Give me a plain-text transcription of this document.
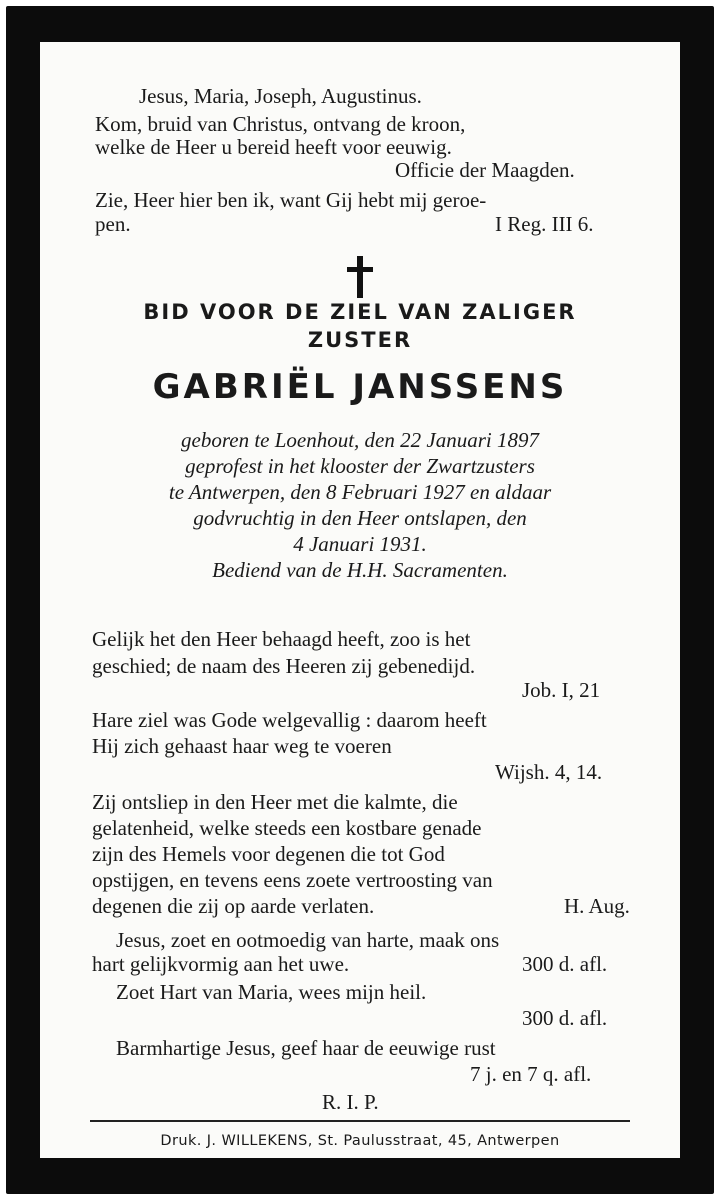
Jesus, Maria, Joseph, Augustinus.
Kom, bruid van Christus, ontvang de kroon,
welke de Heer u bereid heeft voor eeuwig.
Officie der Maagden.
Zie, Heer hier ben ik, want Gij hebt mij geroe-
pen.	I Reg. III 6.
BID VOOR DE ZIEL VAN ZALIGER
ZUSTER
GABRIËL JANSSENS
geboren te Loenhout, den 22 Januari 1897
geprofest in het klooster der Zwartzusters
te Antwerpen, den 8 Februari 1927 en aldaar
godvruchtig in den Heer ontslapen, den
4 Januari 1931.
Bediend van de H.H. Sacramenten.
Gelijk het den Heer behaagd heeft, zoo is het
geschied; de naam des Heeren zij gebenedijd.
Job. I, 21
Hare ziel was Gode welgevallig : daarom heeft
Hij zich gehaast haar weg te voeren
Wijsh. 4, 14.
Zij ontsliep in den Heer met die kalmte, die
gelatenheid, welke steeds een kostbare genade
zijn des Hemels voor degenen die tot God
opstijgen, en tevens eens zoete vertroosting van
degenen die zij op aarde verlaten.	H. Aug.
Jesus, zoet en ootmoedig van harte, maak ons
hart gelijkvormig aan het uwe.	300 d. afl.
Zoet Hart van Maria, wees mijn heil.
300 d. afl.
Barmhartige Jesus, geef haar de eeuwige rust
7 j. en 7 q. afl.
R. I. P.
Druk. J. WILLEKENS, St. Paulusstraat, 45, Antwerpen
